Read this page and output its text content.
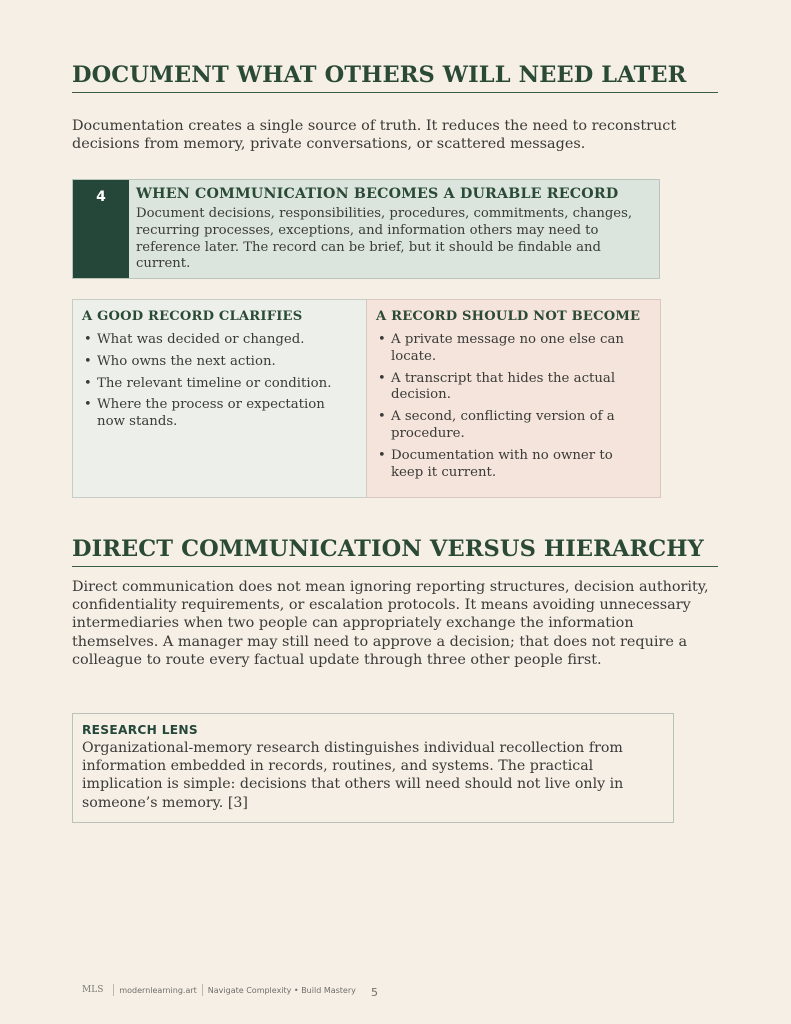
DOCUMENT WHAT OTHERS WILL NEED LATER

Documentation creates a single source of truth. It reduces the need to reconstruct decisions from memory, private conversations, or scattered messages.

4	WHEN COMMUNICATION BECOMES A DURABLE RECORD
Document decisions, responsibilities, procedures, commitments, changes, recurring processes, exceptions, and information others may need to reference later. The record can be brief, but it should be findable and current.
A GOOD RECORD CLARIFIES
• What was decided or changed.
• Who owns the next action.
• The relevant timeline or condition.
• Where the process or expectation now stands.
A RECORD SHOULD NOT BECOME
• A private message no one else can locate.
• A transcript that hides the actual decision.
• A second, conflicting version of a procedure.
• Documentation with no owner to keep it current.
DIRECT COMMUNICATION VERSUS HIERARCHY

Direct communication does not mean ignoring reporting structures, decision authority, confidentiality requirements, or escalation protocols. It means avoiding unnecessary intermediaries when two people can appropriately exchange the information themselves. A manager may still need to approve a decision; that does not require a colleague to route every factual update through three other people first.

RESEARCH LENS
Organizational-memory research distinguishes individual recollection from information embedded in records, routines, and systems. The practical implication is simple: decisions that others will need should not live only in someone’s memory. [3]
MLS modernlearning.art Navigate Complexity • Build Mastery 5
